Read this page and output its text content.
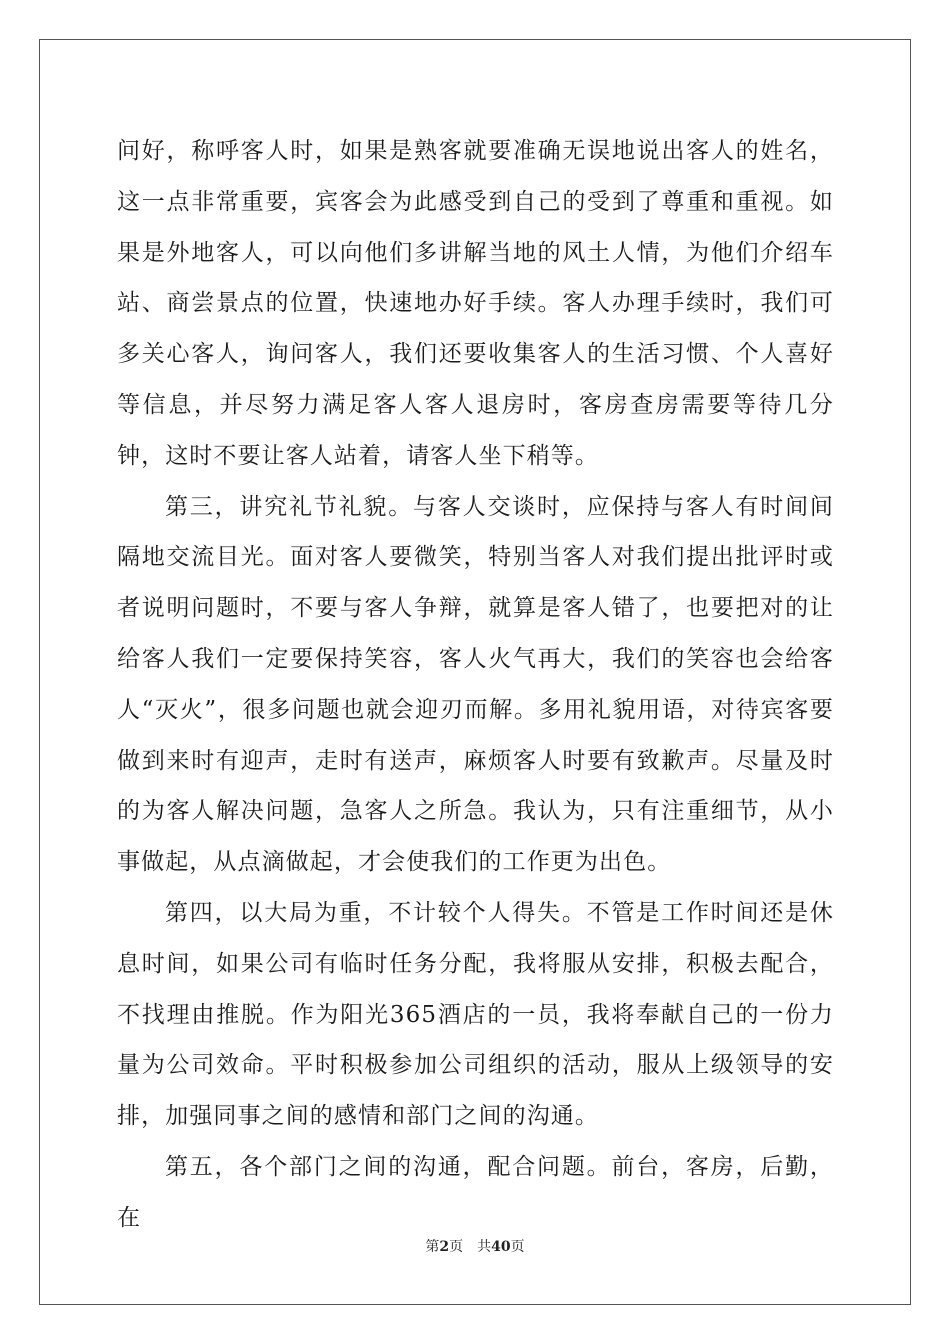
问好，称呼客人时，如果是熟客就要准确无误地说出客人的姓名，这一点非常重要，宾客会为此感受到自己的受到了尊重和重视。如果是外地客人，可以向他们多讲解当地的风土人情，为他们介绍车站、商尝景点的位置，快速地办好手续。客人办理手续时，我们可多关心客人，询问客人，我们还要收集客人的生活习惯、个人喜好等信息，并尽努力满足客人客人退房时，客房查房需要等待几分钟，这时不要让客人站着，请客人坐下稍等。

第三，讲究礼节礼貌。与客人交谈时，应保持与客人有时间间隔地交流目光。面对客人要微笑，特别当客人对我们提出批评时或者说明问题时，不要与客人争辩，就算是客人错了，也要把对的让给客人我们一定要保持笑容，客人火气再大，我们的笑容也会给客人“灭火”，很多问题也就会迎刃而解。多用礼貌用语，对待宾客要做到来时有迎声，走时有送声，麻烦客人时要有致歉声。尽量及时的为客人解决问题，急客人之所急。我认为，只有注重细节，从小事做起，从点滴做起，才会使我们的工作更为出色。

第四，以大局为重，不计较个人得失。不管是工作时间还是休息时间，如果公司有临时任务分配，我将服从安排，积极去配合，不找理由推脱。作为阳光365酒店的一员，我将奉献自己的一份力量为公司效命。平时积极参加公司组织的活动，服从上级领导的安排，加强同事之间的感情和部门之间的沟通。

第五，各个部门之间的沟通，配合问题。前台，客房，后勤，在

第2页 共40页
